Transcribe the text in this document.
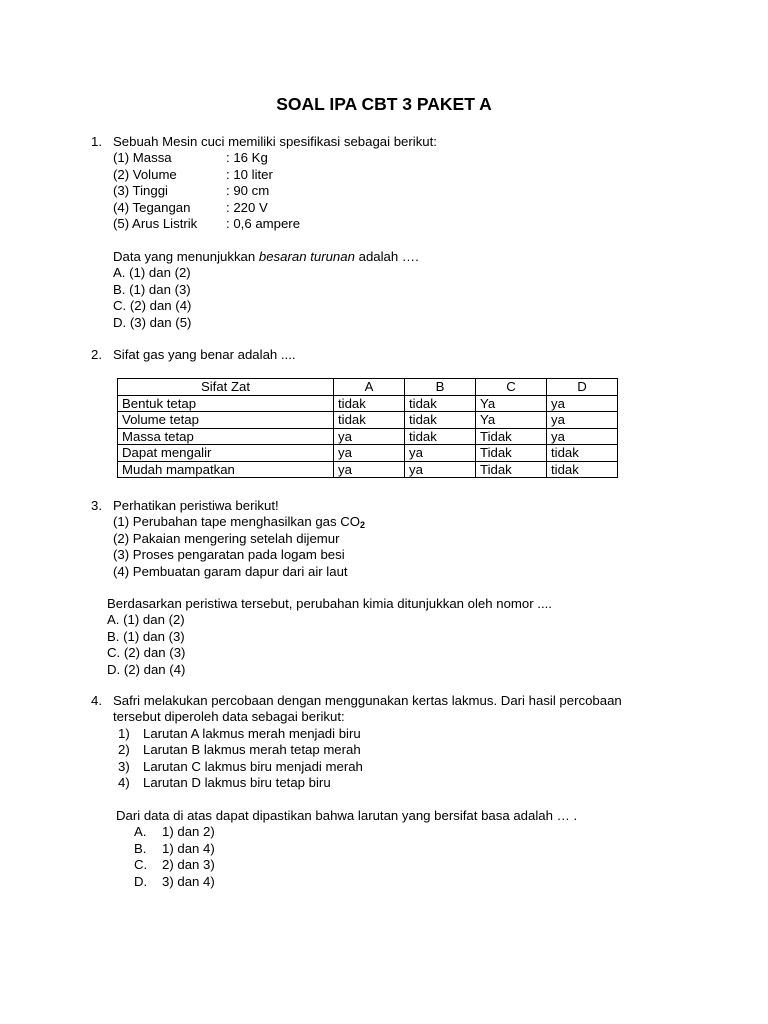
SOAL IPA CBT 3 PAKET A
1. Sebuah Mesin cuci memiliki spesifikasi sebagai berikut:
(1) Massa	: 16 Kg
(2) Volume	: 10 liter
(3) Tinggi	: 90 cm
(4) Tegangan	: 220 V
(5) Arus Listrik : 0,6 ampere
Data yang menunjukkan besaran turunan adalah ….
A. (1) dan (2)
B. (1) dan (3)
C. (2) dan (4)
D. (3) dan (5)
2. Sifat gas yang benar adalah ....
Sifat Zat	A	B	C	D
Bentuk tetap	tidak	tidak	Ya	ya
Volume tetap	tidak	tidak	Ya	ya
Massa tetap	ya	tidak	Tidak	ya
Dapat mengalir	ya	ya	Tidak	tidak
Mudah mampatkan	ya	ya	Tidak	tidak
3. Perhatikan peristiwa berikut!
(1) Perubahan tape menghasilkan gas $CO_2$
(2) Pakaian mengering setelah dijemur
(3) Proses pengaratan pada logam besi
(4) Pembuatan garam dapur dari air laut
Berdasarkan peristiwa tersebut, perubahan kimia ditunjukkan oleh nomor ....
A. (1) dan (2)
B. (1) dan (3)
C. (2) dan (3)
D. (2) dan (4)
4. Safri melakukan percobaan dengan menggunakan kertas lakmus. Dari hasil percobaan
tersebut diperoleh data sebagai berikut:
1) Larutan A lakmus merah menjadi biru
2) Larutan B lakmus merah tetap merah
3) Larutan C lakmus biru menjadi merah
4) Larutan D lakmus biru tetap biru
Dari data di atas dapat dipastikan bahwa larutan yang bersifat basa adalah … .
A. 1) dan 2)
B. 1) dan 4)
C. 2) dan 3)
D. 3) dan 4)
